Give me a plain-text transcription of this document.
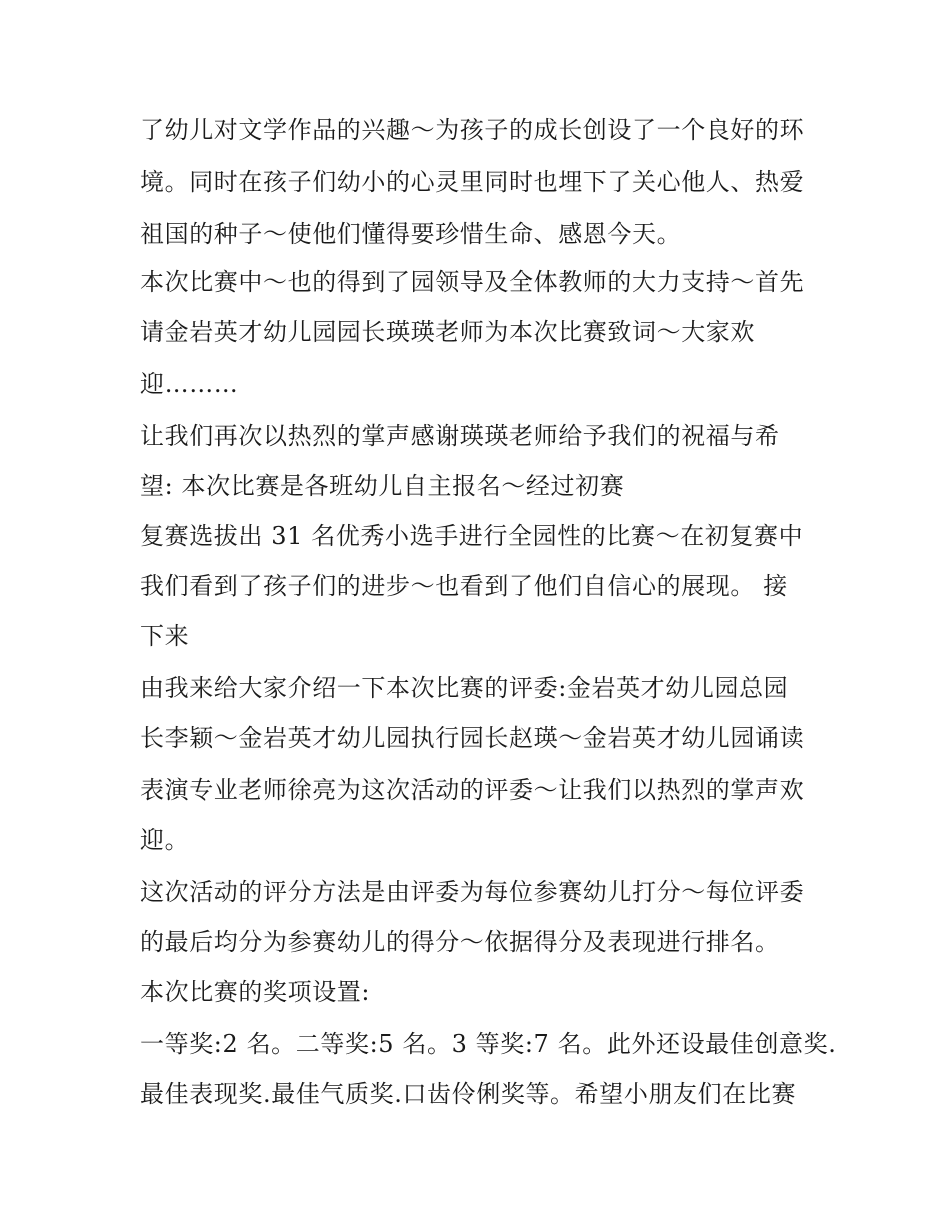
了幼儿对文学作品的兴趣～为孩子的成长创设了一个良好的环
境。同时在孩子们幼小的心灵里同时也埋下了关心他人、热爱
祖国的种子～使他们懂得要珍惜生命、感恩今天。
本次比赛中～也的得到了园领导及全体教师的大力支持～首先
请金岩英才幼儿园园长瑛瑛老师为本次比赛致词～大家欢
迎………
让我们再次以热烈的掌声感谢瑛瑛老师给予我们的祝福与希
望: 本次比赛是各班幼儿自主报名～经过初赛
复赛选拔出 31 名优秀小选手进行全园性的比赛～在初复赛中
我们看到了孩子们的进步～也看到了他们自信心的展现。 接
下来
由我来给大家介绍一下本次比赛的评委:金岩英才幼儿园总园
长李颖～金岩英才幼儿园执行园长赵瑛～金岩英才幼儿园诵读
表演专业老师徐亮为这次活动的评委～让我们以热烈的掌声欢
迎。
这次活动的评分方法是由评委为每位参赛幼儿打分～每位评委
的最后均分为参赛幼儿的得分～依据得分及表现进行排名。
本次比赛的奖项设置:
一等奖:2 名。二等奖:5 名。3 等奖:7 名。此外还设最佳创意奖.
最佳表现奖.最佳气质奖.口齿伶俐奖等。希望小朋友们在比赛
